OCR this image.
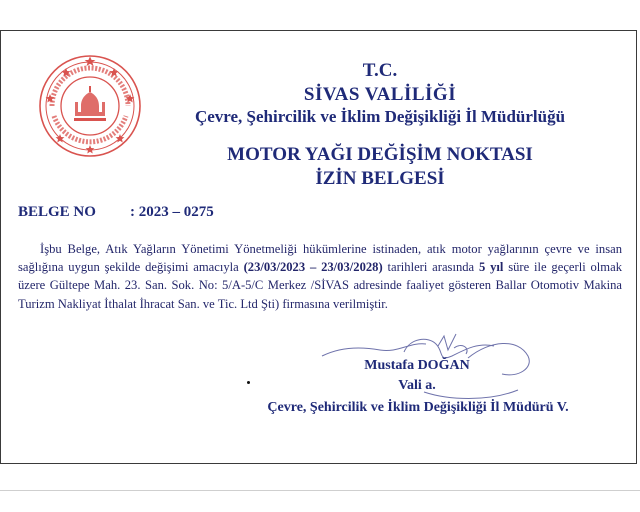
T.C.
SİVAS VALİLİĞİ
Çevre, Şehircilik ve İklim Değişikliği İl Müdürlüğü
MOTOR YAĞI DEĞİŞİM NOKTASI
İZİN BELGESİ
BELGE NO : 2023 – 0275
İşbu Belge, Atık Yağların Yönetimi Yönetmeliği hükümlerine istinaden, atık motor yağlarının çevre ve insan sağlığına uygun şekilde değişimi amacıyla (23/03/2023 – 23/03/2028) tarihleri arasında 5 yıl süre ile geçerli olmak üzere Gültepe Mah. 23. San. Sok. No: 5/A-5/C Merkez /SİVAS adresinde faaliyet gösteren Ballar Otomotiv Makina Turizm Nakliyat İthalat İhracat San. ve Tic. Ltd Şti) firmasına verilmiştir.
Mustafa DOĞAN
Vali a.
Çevre, Şehircilik ve İklim Değişikliği İl Müdürü V.
